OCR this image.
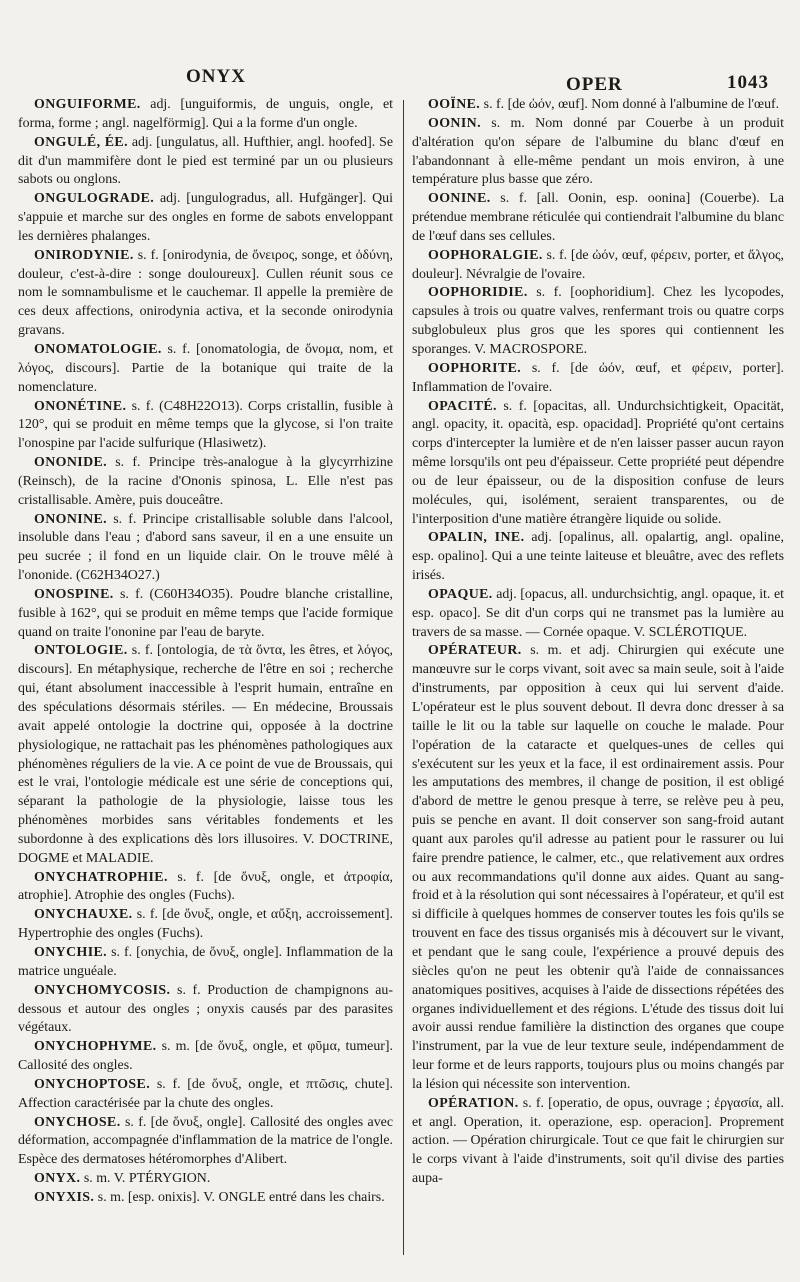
ONYX	OPER	1043

ONGUIFORME. adj. [unguiformis, de unguis, ongle, et forma, forme ; angl. nagelförmig]. Qui a la forme d'un ongle.

ONGULÉ, ÉE. adj. [ungulatus, all. Hufthier, angl. hoofed]. Se dit d'un mammifère dont le pied est terminé par un ou plusieurs sabots ou onglons.

ONGULOGRADE. adj. [ungulogradus, all. Hufgänger]. Qui s'appuie et marche sur des ongles en forme de sabots enveloppant les dernières phalanges.

ONIRODYNIE. s. f. [onirodynia, de ὄνειρος, songe, et ὀδύνη, douleur, c'est-à-dire : songe douloureux]. Cullen réunit sous ce nom le somnambulisme et le cauchemar. Il appelle la première de ces deux affections, onirodynia activa, et la seconde onirodynia gravans.

ONOMATOLOGIE. s. f. [onomatologia, de ὄνομα, nom, et λόγος, discours]. Partie de la botanique qui traite de la nomenclature.

ONONÉTINE. s. f. (C48H22O13). Corps cristallin, fusible à 120°, qui se produit en même temps que la glycose, si l'on traite l'onospine par l'acide sulfurique (Hlasiwetz).

ONONIDE. s. f. Principe très-analogue à la glycyrrhizine (Reinsch), de la racine d'Ononis spinosa, L. Elle n'est pas cristallisable. Amère, puis douceâtre.

ONONINE. s. f. Principe cristallisable soluble dans l'alcool, insoluble dans l'eau ; d'abord sans saveur, il en a une ensuite un peu sucrée ; il fond en un liquide clair. On le trouve mêlé à l'ononide. (C62H34O27.)

ONOSPINE. s. f. (C60H34O35). Poudre blanche cristalline, fusible à 162°, qui se produit en même temps que l'acide formique quand on traite l'ononine par l'eau de baryte.

ONTOLOGIE. s. f. [ontologia, de τὰ ὄντα, les êtres, et λόγος, discours]. En métaphysique, recherche de l'être en soi ; recherche qui, étant absolument inaccessible à l'esprit humain, entraîne en des spéculations désormais stériles. — En médecine, Broussais avait appelé ontologie la doctrine qui, opposée à la doctrine physiologique, ne rattachait pas les phénomènes pathologiques aux phénomènes réguliers de la vie. A ce point de vue de Broussais, qui est le vrai, l'ontologie médicale est une série de conceptions qui, séparant la pathologie de la physiologie, laisse tous les phénomènes morbides sans véritables fondements et les subordonne à des explications dès lors illusoires. V. DOCTRINE, DOGME et MALADIE.

ONYCHATROPHIE. s. f. [de ὄνυξ, ongle, et ἀτροφία, atrophie]. Atrophie des ongles (Fuchs).

ONYCHAUXE. s. f. [de ὄνυξ, ongle, et αὔξη, accroissement]. Hypertrophie des ongles (Fuchs).

ONYCHIE. s. f. [onychia, de ὄνυξ, ongle]. Inflammation de la matrice unguéale.

ONYCHOMYCOSIS. s. f. Production de champignons au-dessous et autour des ongles ; onyxis causés par des parasites végétaux.

ONYCHOPHYME. s. m. [de ὄνυξ, ongle, et φῦμα, tumeur]. Callosité des ongles.

ONYCHOPTOSE. s. f. [de ὄνυξ, ongle, et πτῶσις, chute]. Affection caractérisée par la chute des ongles.

ONYCHOSE. s. f. [de ὄνυξ, ongle]. Callosité des ongles avec déformation, accompagnée d'inflammation de la matrice de l'ongle. Espèce des dermatoses hétéromorphes d'Alibert.

ONYX. s. m. V. PTÉRYGION.

ONYXIS. s. m. [esp. onixis]. V. ONGLE entré dans les chairs.

OOÏNE. s. f. [de ὠόν, œuf]. Nom donné à l'albumine de l'œuf.

OONIN. s. m. Nom donné par Couerbe à un produit d'altération qu'on sépare de l'albumine du blanc d'œuf en l'abandonnant à elle-même pendant un mois environ, à une température plus basse que zéro.

OONINE. s. f. [all. Oonin, esp. oonina] (Couerbe). La prétendue membrane réticulée qui contiendrait l'albumine du blanc de l'œuf dans ses cellules.

OOPHORALGIE. s. f. [de ὠόν, œuf, φέρειν, porter, et ἄλγος, douleur]. Névralgie de l'ovaire.

OOPHORIDIE. s. f. [oophoridium]. Chez les lycopodes, capsules à trois ou quatre valves, renfermant trois ou quatre corps subglobuleux plus gros que les spores qui contiennent les sporanges. V. MACROSPORE.

OOPHORITE. s. f. [de ὠόν, œuf, et φέρειν, porter]. Inflammation de l'ovaire.

OPACITÉ. s. f. [opacitas, all. Undurchsichtigkeit, Opacität, angl. opacity, it. opacità, esp. opacidad]. Propriété qu'ont certains corps d'intercepter la lumière et de n'en laisser passer aucun rayon même lorsqu'ils ont peu d'épaisseur. Cette propriété peut dépendre ou de leur épaisseur, ou de la disposition confuse de leurs molécules, qui, isolément, seraient transparentes, ou de l'interposition d'une matière étrangère liquide ou solide.

OPALIN, INE. adj. [opalinus, all. opalartig, angl. opaline, esp. opalino]. Qui a une teinte laiteuse et bleuâtre, avec des reflets irisés.

OPAQUE. adj. [opacus, all. undurchsichtig, angl. opaque, it. et esp. opaco]. Se dit d'un corps qui ne transmet pas la lumière au travers de sa masse. — Cornée opaque. V. SCLÉROTIQUE.

OPÉRATEUR. s. m. et adj. Chirurgien qui exécute une manœuvre sur le corps vivant, soit avec sa main seule, soit à l'aide d'instruments, par opposition à ceux qui lui servent d'aide. L'opérateur est le plus souvent debout. Il devra donc dresser à sa taille le lit ou la table sur laquelle on couche le malade. Pour l'opération de la cataracte et quelques-unes de celles qui s'exécutent sur les yeux et la face, il est ordinairement assis. Pour les amputations des membres, il change de position, il est obligé d'abord de mettre le genou presque à terre, se relève peu à peu, puis se penche en avant. Il doit conserver son sang-froid autant quant aux paroles qu'il adresse au patient pour le rassurer ou lui faire prendre patience, le calmer, etc., que relativement aux ordres ou aux recommandations qu'il donne aux aides. Quant au sang-froid et à la résolution qui sont nécessaires à l'opérateur, et qu'il est si difficile à quelques hommes de conserver toutes les fois qu'ils se trouvent en face des tissus organisés mis à découvert sur le vivant, et pendant que le sang coule, l'expérience a prouvé depuis des siècles qu'on ne peut les obtenir qu'à l'aide de connaissances anatomiques positives, acquises à l'aide de dissections répétées des organes individuellement et des régions. L'étude des tissus doit lui avoir aussi rendue familière la distinction des organes que coupe l'instrument, par la vue de leur texture seule, indépendamment de leur forme et de leurs rapports, toujours plus ou moins changés par la lésion qui nécessite son intervention.

OPÉRATION. s. f. [operatio, de opus, ouvrage ; ἐργασία, all. et angl. Operation, it. operazione, esp. operacion]. Proprement action. — Opération chirurgicale. Tout ce que fait le chirurgien sur le corps vivant à l'aide d'instruments, soit qu'il divise des parties aupa-
